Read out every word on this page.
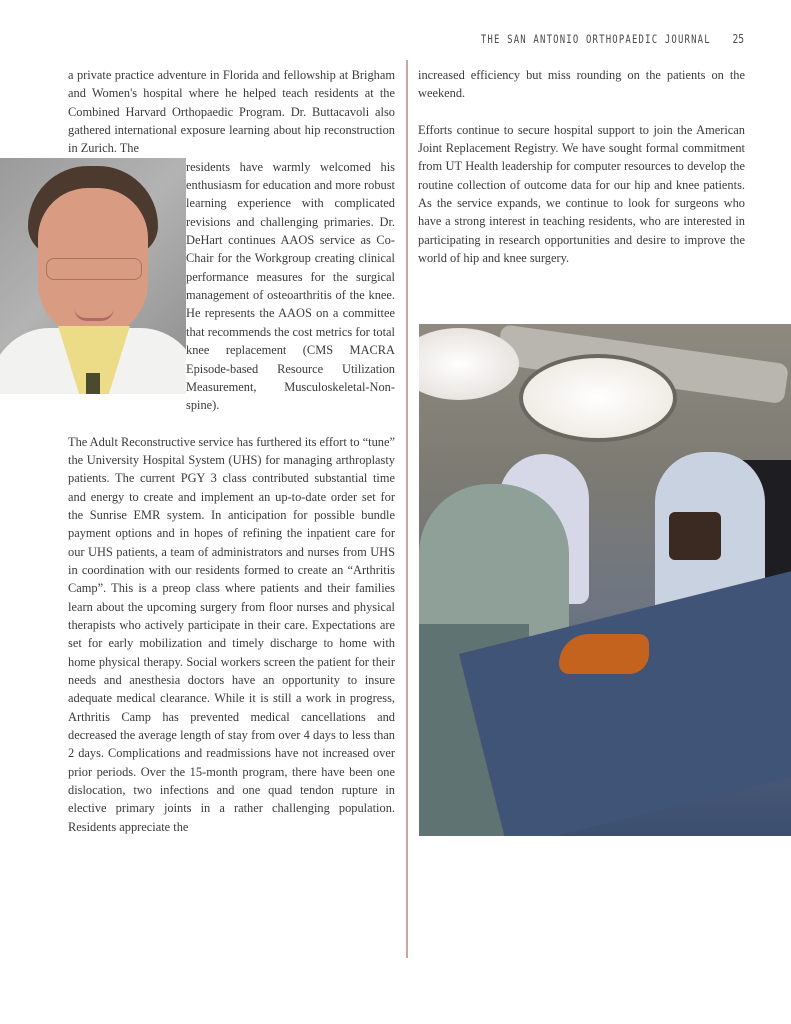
THE SAN ANTONIO ORTHOPAEDIC JOURNAL 25

a private practice adventure in Florida and fellowship at Brigham and Women's hospital where he helped teach residents at the Combined Harvard Orthopaedic Program. Dr. Buttacavoli also gathered international exposure learning about hip reconstruction in Zurich. The

residents have warmly welcomed his enthusiasm for education and more robust learning experience with complicated revisions and challenging primaries. Dr. DeHart continues AAOS service as Co-Chair for the Workgroup creating clinical performance measures for the surgical management of osteoarthritis of the knee. He represents the AAOS on a committee that recommends the cost metrics for total knee replacement (CMS MACRA Episode-based Resource Utilization Measurement, Musculoskeletal-Non-spine).

The Adult Reconstructive service has furthered its effort to “tune” the University Hospital System (UHS) for managing arthroplasty patients. The current PGY 3 class contributed substantial time and energy to create and implement an up-to-date order set for the Sunrise EMR system. In anticipation for possible bundle payment options and in hopes of refining the inpatient care for our UHS patients, a team of administrators and nurses from UHS in coordination with our residents formed to create an “Arthritis Camp”. This is a preop class where patients and their families learn about the upcoming surgery from floor nurses and physical therapists who actively participate in their care. Expectations are set for early mobilization and timely discharge to home with home physical therapy. Social workers screen the patient for their needs and anesthesia doctors have an opportunity to insure adequate medical clearance. While it is still a work in progress, Arthritis Camp has prevented medical cancellations and decreased the average length of stay from over 4 days to less than 2 days. Complications and readmissions have not increased over prior periods. Over the 15-month program, there have been one dislocation, two infections and one quad tendon rupture in elective primary joints in a rather challenging population. Residents appreciate the

increased efficiency but miss rounding on the patients on the weekend.

Efforts continue to secure hospital support to join the American Joint Replacement Registry. We have sought formal commitment from UT Health leadership for computer resources to develop the routine collection of outcome data for our hip and knee patients. As the service expands, we continue to look for surgeons who have a strong interest in teaching residents, who are interested in participating in research opportunities and desire to improve the world of hip and knee surgery.
